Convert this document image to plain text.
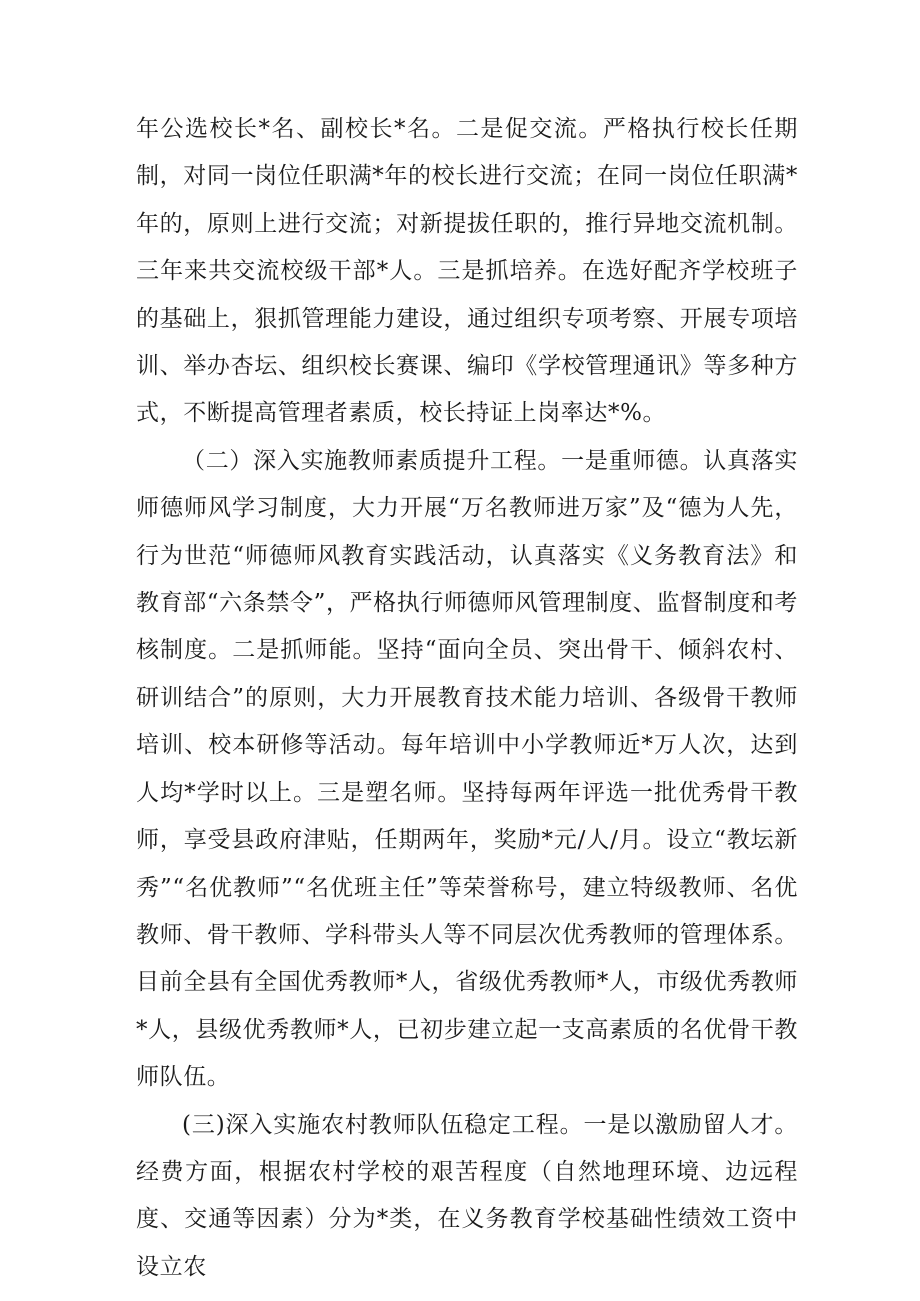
年公选校长*名、副校长*名。二是促交流。严格执行校长任期制，对同一岗位任职满*年的校长进行交流；在同一岗位任职满*年的，原则上进行交流；对新提拔任职的，推行异地交流机制。三年来共交流校级干部*人。三是抓培养。在选好配齐学校班子的基础上，狠抓管理能力建设，通过组织专项考察、开展专项培训、举办杏坛、组织校长赛课、编印《学校管理通讯》等多种方式，不断提高管理者素质，校长持证上岗率达*%。

（二）深入实施教师素质提升工程。一是重师德。认真落实师德师风学习制度，大力开展“万名教师进万家”及“德为人先，行为世范“师德师风教育实践活动，认真落实《义务教育法》和教育部“六条禁令”，严格执行师德师风管理制度、监督制度和考核制度。二是抓师能。坚持“面向全员、突出骨干、倾斜农村、研训结合”的原则，大力开展教育技术能力培训、各级骨干教师培训、校本研修等活动。每年培训中小学教师近*万人次，达到人均*学时以上。三是塑名师。坚持每两年评选一批优秀骨干教师，享受县政府津贴，任期两年，奖励*元/人/月。设立“教坛新秀”“名优教师”“名优班主任”等荣誉称号，建立特级教师、名优教师、骨干教师、学科带头人等不同层次优秀教师的管理体系。目前全县有全国优秀教师*人，省级优秀教师*人，市级优秀教师*人，县级优秀教师*人，已初步建立起一支高素质的名优骨干教师队伍。

(三)深入实施农村教师队伍稳定工程。一是以激励留人才。经费方面，根据农村学校的艰苦程度（自然地理环境、边远程度、交通等因素）分为*类，在义务教育学校基础性绩效工资中设立农
